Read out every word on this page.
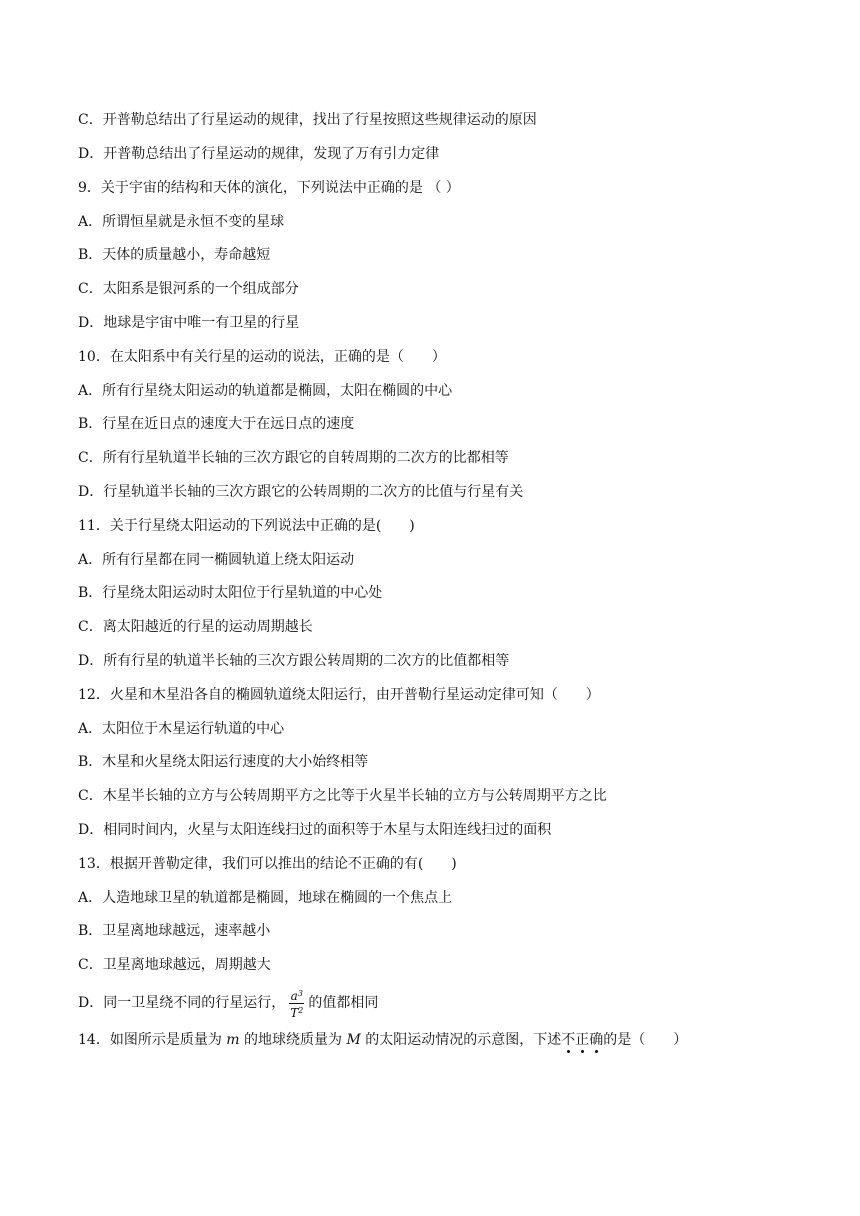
C．开普勒总结出了行星运动的规律，找出了行星按照这些规律运动的原因
D．开普勒总结出了行星运动的规律，发现了万有引力定律
9．关于宇宙的结构和天体的演化，下列说法中正确的是 （ ）
A．所谓恒星就是永恒不变的星球
B．天体的质量越小，寿命越短
C．太阳系是银河系的一个组成部分
D．地球是宇宙中唯一有卫星的行星
10．在太阳系中有关行星的运动的说法，正确的是（　　）
A．所有行星绕太阳运动的轨道都是椭圆，太阳在椭圆的中心
B．行星在近日点的速度大于在远日点的速度
C．所有行星轨道半长轴的三次方跟它的自转周期的二次方的比都相等
D．行星轨道半长轴的三次方跟它的公转周期的二次方的比值与行星有关
11．关于行星绕太阳运动的下列说法中正确的是(　　)
A．所有行星都在同一椭圆轨道上绕太阳运动
B．行星绕太阳运动时太阳位于行星轨道的中心处
C．离太阳越近的行星的运动周期越长
D．所有行星的轨道半长轴的三次方跟公转周期的二次方的比值都相等
12．火星和木星沿各自的椭圆轨道绕太阳运行，由开普勒行星运动定律可知（　　）
A．太阳位于木星运行轨道的中心
B．木星和火星绕太阳运行速度的大小始终相等
C．木星半长轴的立方与公转周期平方之比等于火星半长轴的立方与公转周期平方之比
D．相同时间内，火星与太阳连线扫过的面积等于木星与太阳连线扫过的面积
13．根据开普勒定律，我们可以推出的结论不正确的有(　　)
A．人造地球卫星的轨道都是椭圆，地球在椭圆的一个焦点上
B．卫星离地球越远，速率越小
C．卫星离地球越远，周期越大
D．同一卫星绕不同的行星运行， $\frac{a^3}{T^2}$ 的值都相同
14．如图所示是质量为 m 的地球绕质量为 M 的太阳运动情况的示意图，下述不正确的是（　　）
